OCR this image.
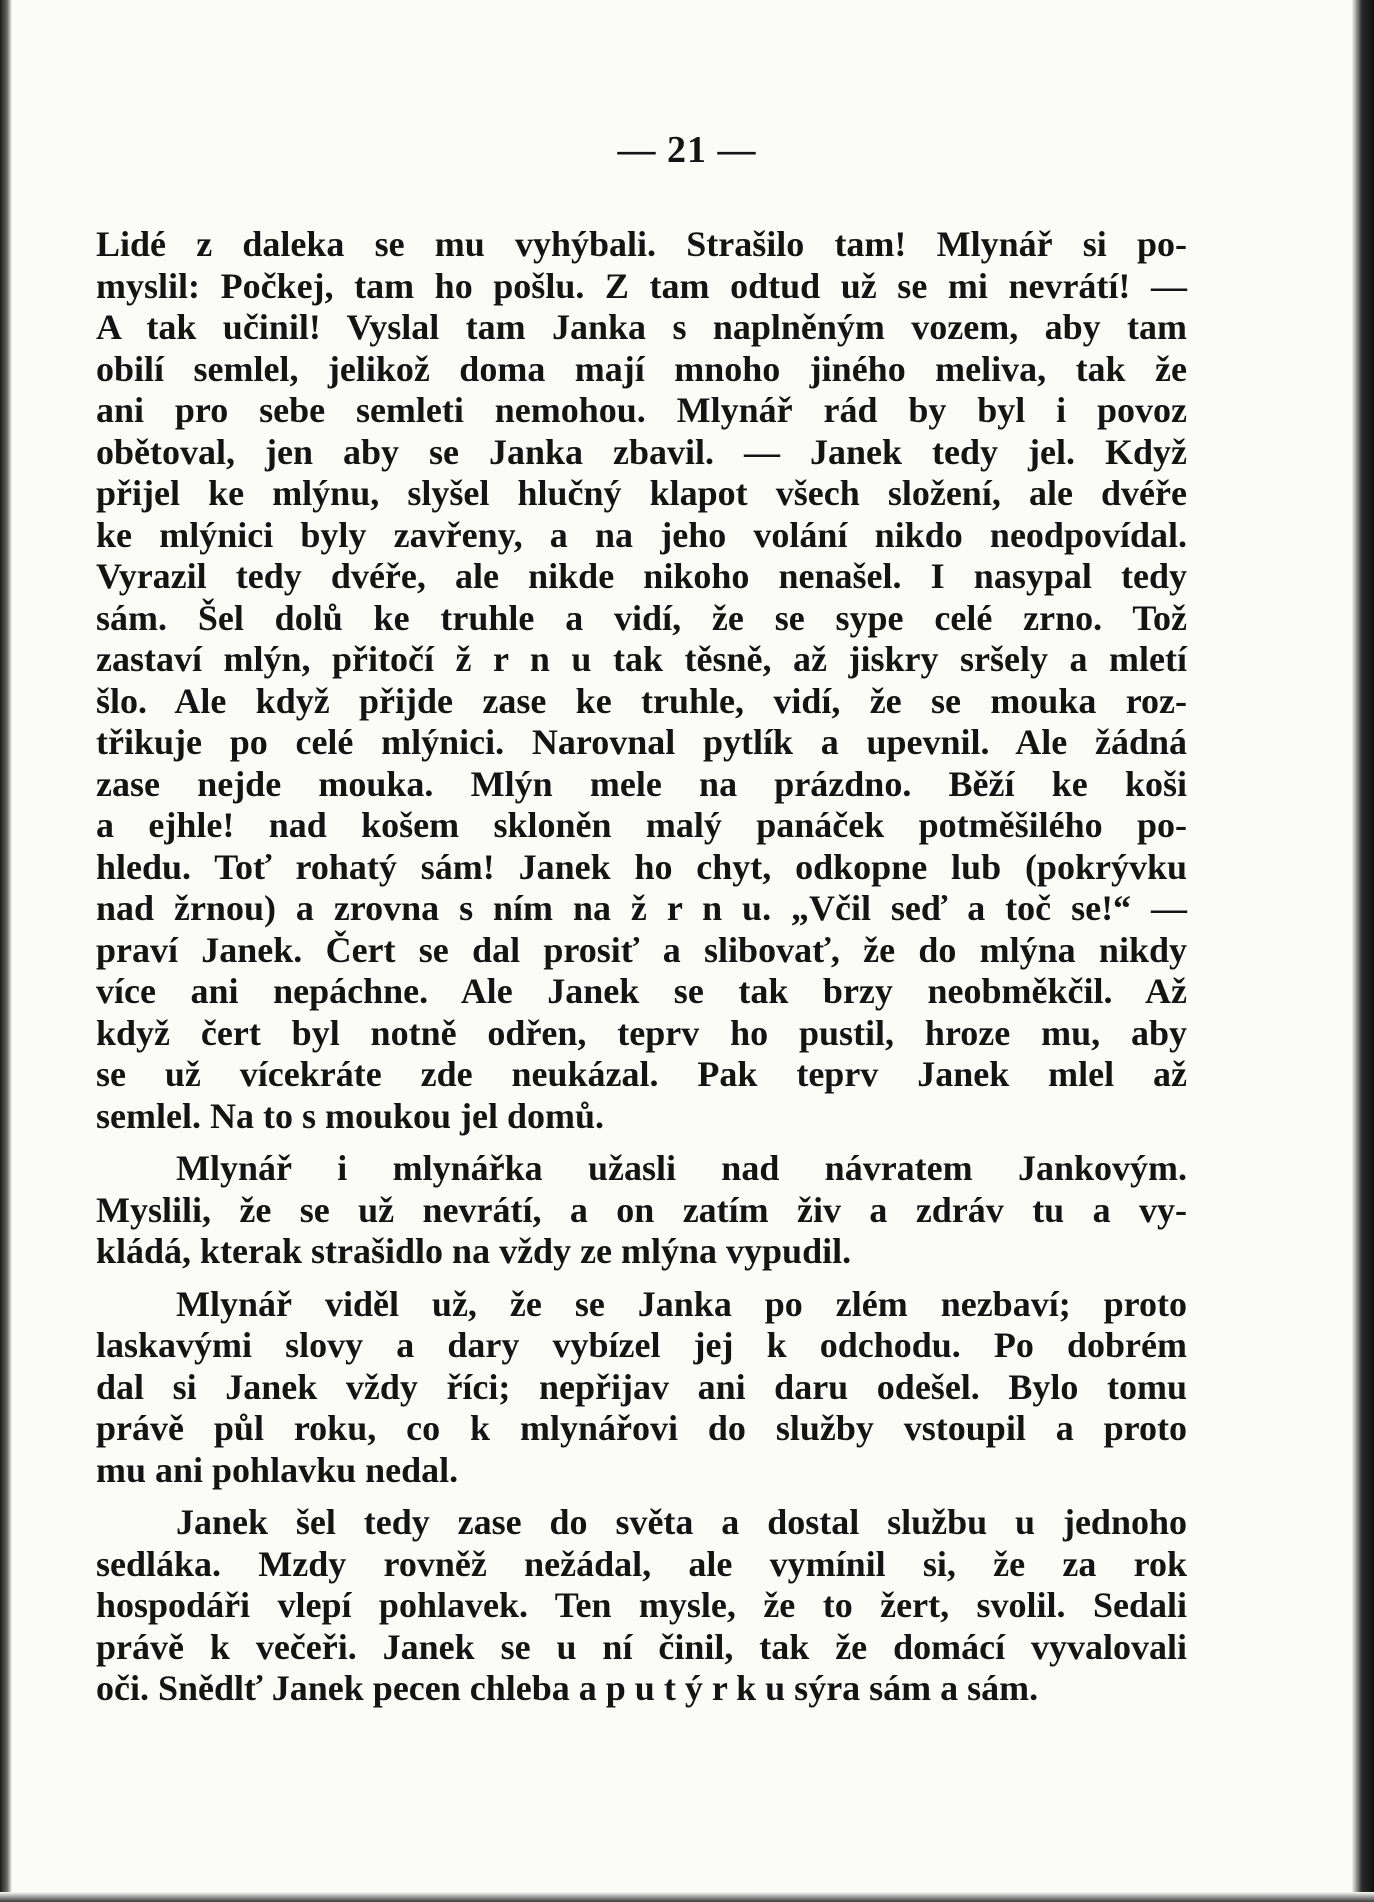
— 21 —

Lidé z daleka se mu vyhýbali. Strašilo tam! Mlynář si po-
myslil: Počkej, tam ho pošlu. Z tam odtud už se mi nevrátí! —
A tak učinil! Vyslal tam Janka s naplněným vozem, aby tam
obilí semlel, jelikož doma mají mnoho jiného meliva, tak že
ani pro sebe semleti nemohou. Mlynář rád by byl i povoz
obětoval, jen aby se Janka zbavil. — Janek tedy jel. Když
přijel ke mlýnu, slyšel hlučný klapot všech složení, ale dvéře
ke mlýnici byly zavřeny, a na jeho volání nikdo neodpovídal.
Vyrazil tedy dvéře, ale nikde nikoho nenašel. I nasypal tedy
sám. Šel dolů ke truhle a vidí, že se sype celé zrno. Tož
zastaví mlýn, přitočí ž r n u tak těsně, až jiskry sršely a mletí
šlo. Ale když přijde zase ke truhle, vidí, že se mouka roz-
třikuje po celé mlýnici. Narovnal pytlík a upevnil. Ale žádná
zase nejde mouka. Mlýn mele na prázdno. Běží ke koši
a ejhle! nad košem skloněn malý panáček potměšilého po-
hledu. Toť rohatý sám! Janek ho chyt, odkopne lub (pokrývku
nad žrnou) a zrovna s ním na ž r n u. „Včil seď a toč se!“ —
praví Janek. Čert se dal prosiť a slibovať, že do mlýna nikdy
více ani nepáchne. Ale Janek se tak brzy neobměkčil. Až
když čert byl notně odřen, teprv ho pustil, hroze mu, aby
se už vícekráte zde neukázal. Pak teprv Janek mlel až
semlel. Na to s moukou jel domů.

Mlynář i mlynářka užasli nad návratem Jankovým.
Myslili, že se už nevrátí, a on zatím živ a zdráv tu a vy-
kládá, kterak strašidlo na vždy ze mlýna vypudil.

Mlynář viděl už, že se Janka po zlém nezbaví; proto
laskavými slovy a dary vybízel jej k odchodu. Po dobrém
dal si Janek vždy říci; nepřijav ani daru odešel. Bylo tomu
právě půl roku, co k mlynářovi do služby vstoupil a proto
mu ani pohlavku nedal.

Janek šel tedy zase do světa a dostal službu u jednoho
sedláka. Mzdy rovněž nežádal, ale vymínil si, že za rok
hospodáři vlepí pohlavek. Ten mysle, že to žert, svolil. Sedali
právě k večeři. Janek se u ní činil, tak že domácí vyvalovali
oči. Snědlť Janek pecen chleba a p u t ý r k u sýra sám a sám.
